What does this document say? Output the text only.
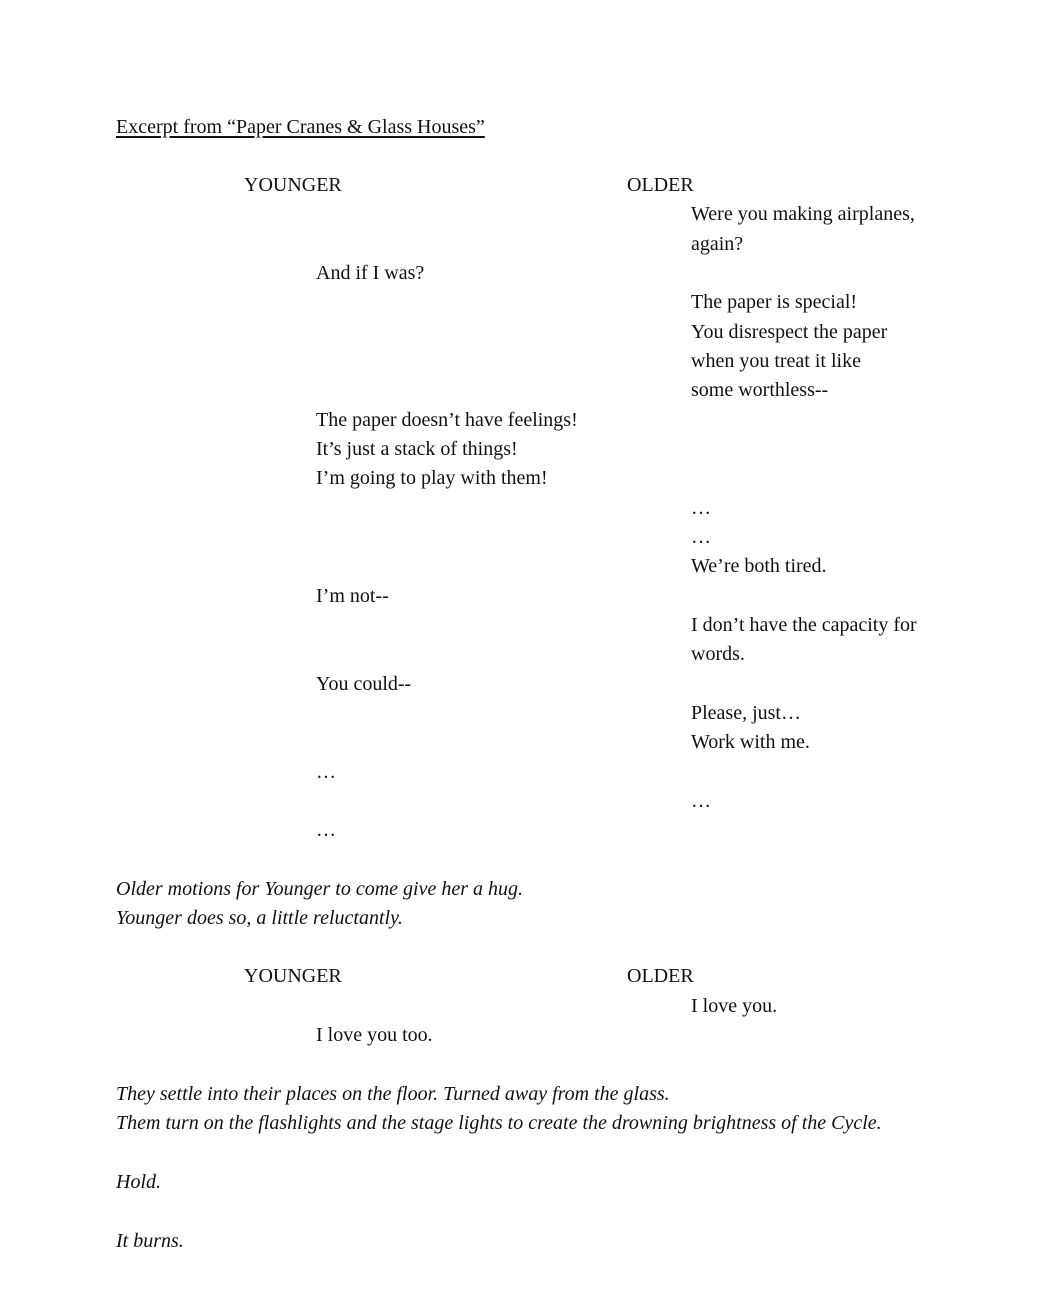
Excerpt from “Paper Cranes & Glass Houses”
YOUNGER	OLDER
Were you making airplanes,
again?
And if I was?
The paper is special!
You disrespect the paper
when you treat it like
some worthless--
The paper doesn’t have feelings!
It’s just a stack of things!
I’m going to play with them!
…
…
We’re both tired.
I’m not--
I don’t have the capacity for
words.
You could--
Please, just…
Work with me.
…
…
…
Older motions for Younger to come give her a hug.
Younger does so, a little reluctantly.
YOUNGER	OLDER
I love you.
I love you too.
They settle into their places on the floor. Turned away from the glass.
Them turn on the flashlights and the stage lights to create the drowning brightness of the Cycle.
Hold.
It burns.
